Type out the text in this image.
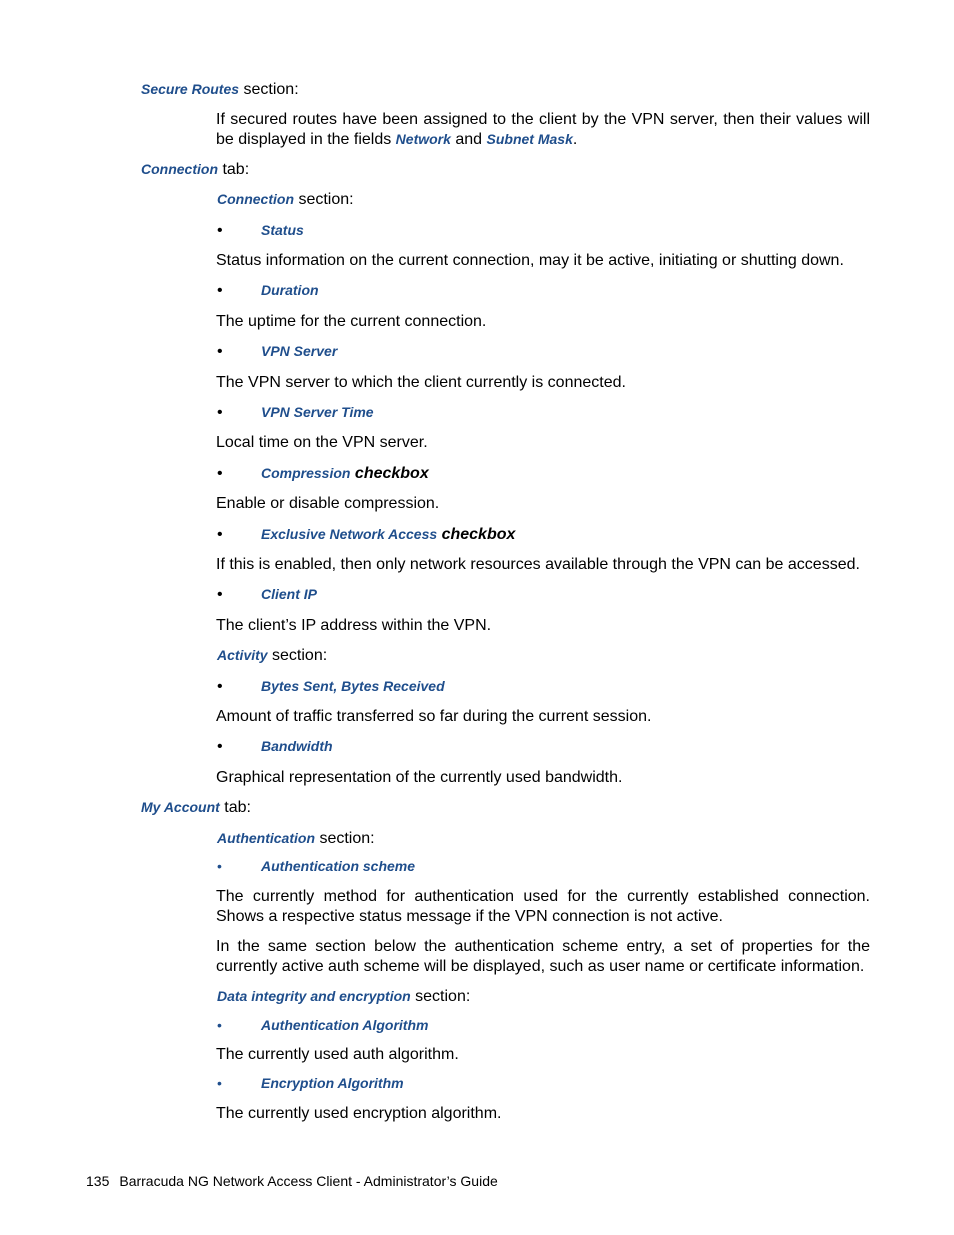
Secure Routes section:
If secured routes have been assigned to the client by the VPN server, then their values will be displayed in the fields Network and Subnet Mask.
Connection tab:
Connection section:
•	Status
Status information on the current connection, may it be active, initiating or shutting down.
•	Duration
The uptime for the current connection.
•	VPN Server
The VPN server to which the client currently is connected.
•	VPN Server Time
Local time on the VPN server.
•	Compression checkbox
Enable or disable compression.
•	Exclusive Network Access checkbox
If this is enabled, then only network resources available through the VPN can be accessed.
•	Client IP
The client’s IP address within the VPN.
Activity section:
•	Bytes Sent, Bytes Received
Amount of traffic transferred so far during the current session.
•	Bandwidth
Graphical representation of the currently used bandwidth.
My Account tab:
Authentication section:
•	Authentication scheme
The currently method for authentication used for the currently established connection. Shows a respective status message if the VPN connection is not active.
In the same section below the authentication scheme entry, a set of properties for the currently active auth scheme will be displayed, such as user name or certificate information.
Data integrity and encryption section:
•	Authentication Algorithm
The currently used auth algorithm.
•	Encryption Algorithm
The currently used encryption algorithm.
135 Barracuda NG Network Access Client - Administrator’s Guide
